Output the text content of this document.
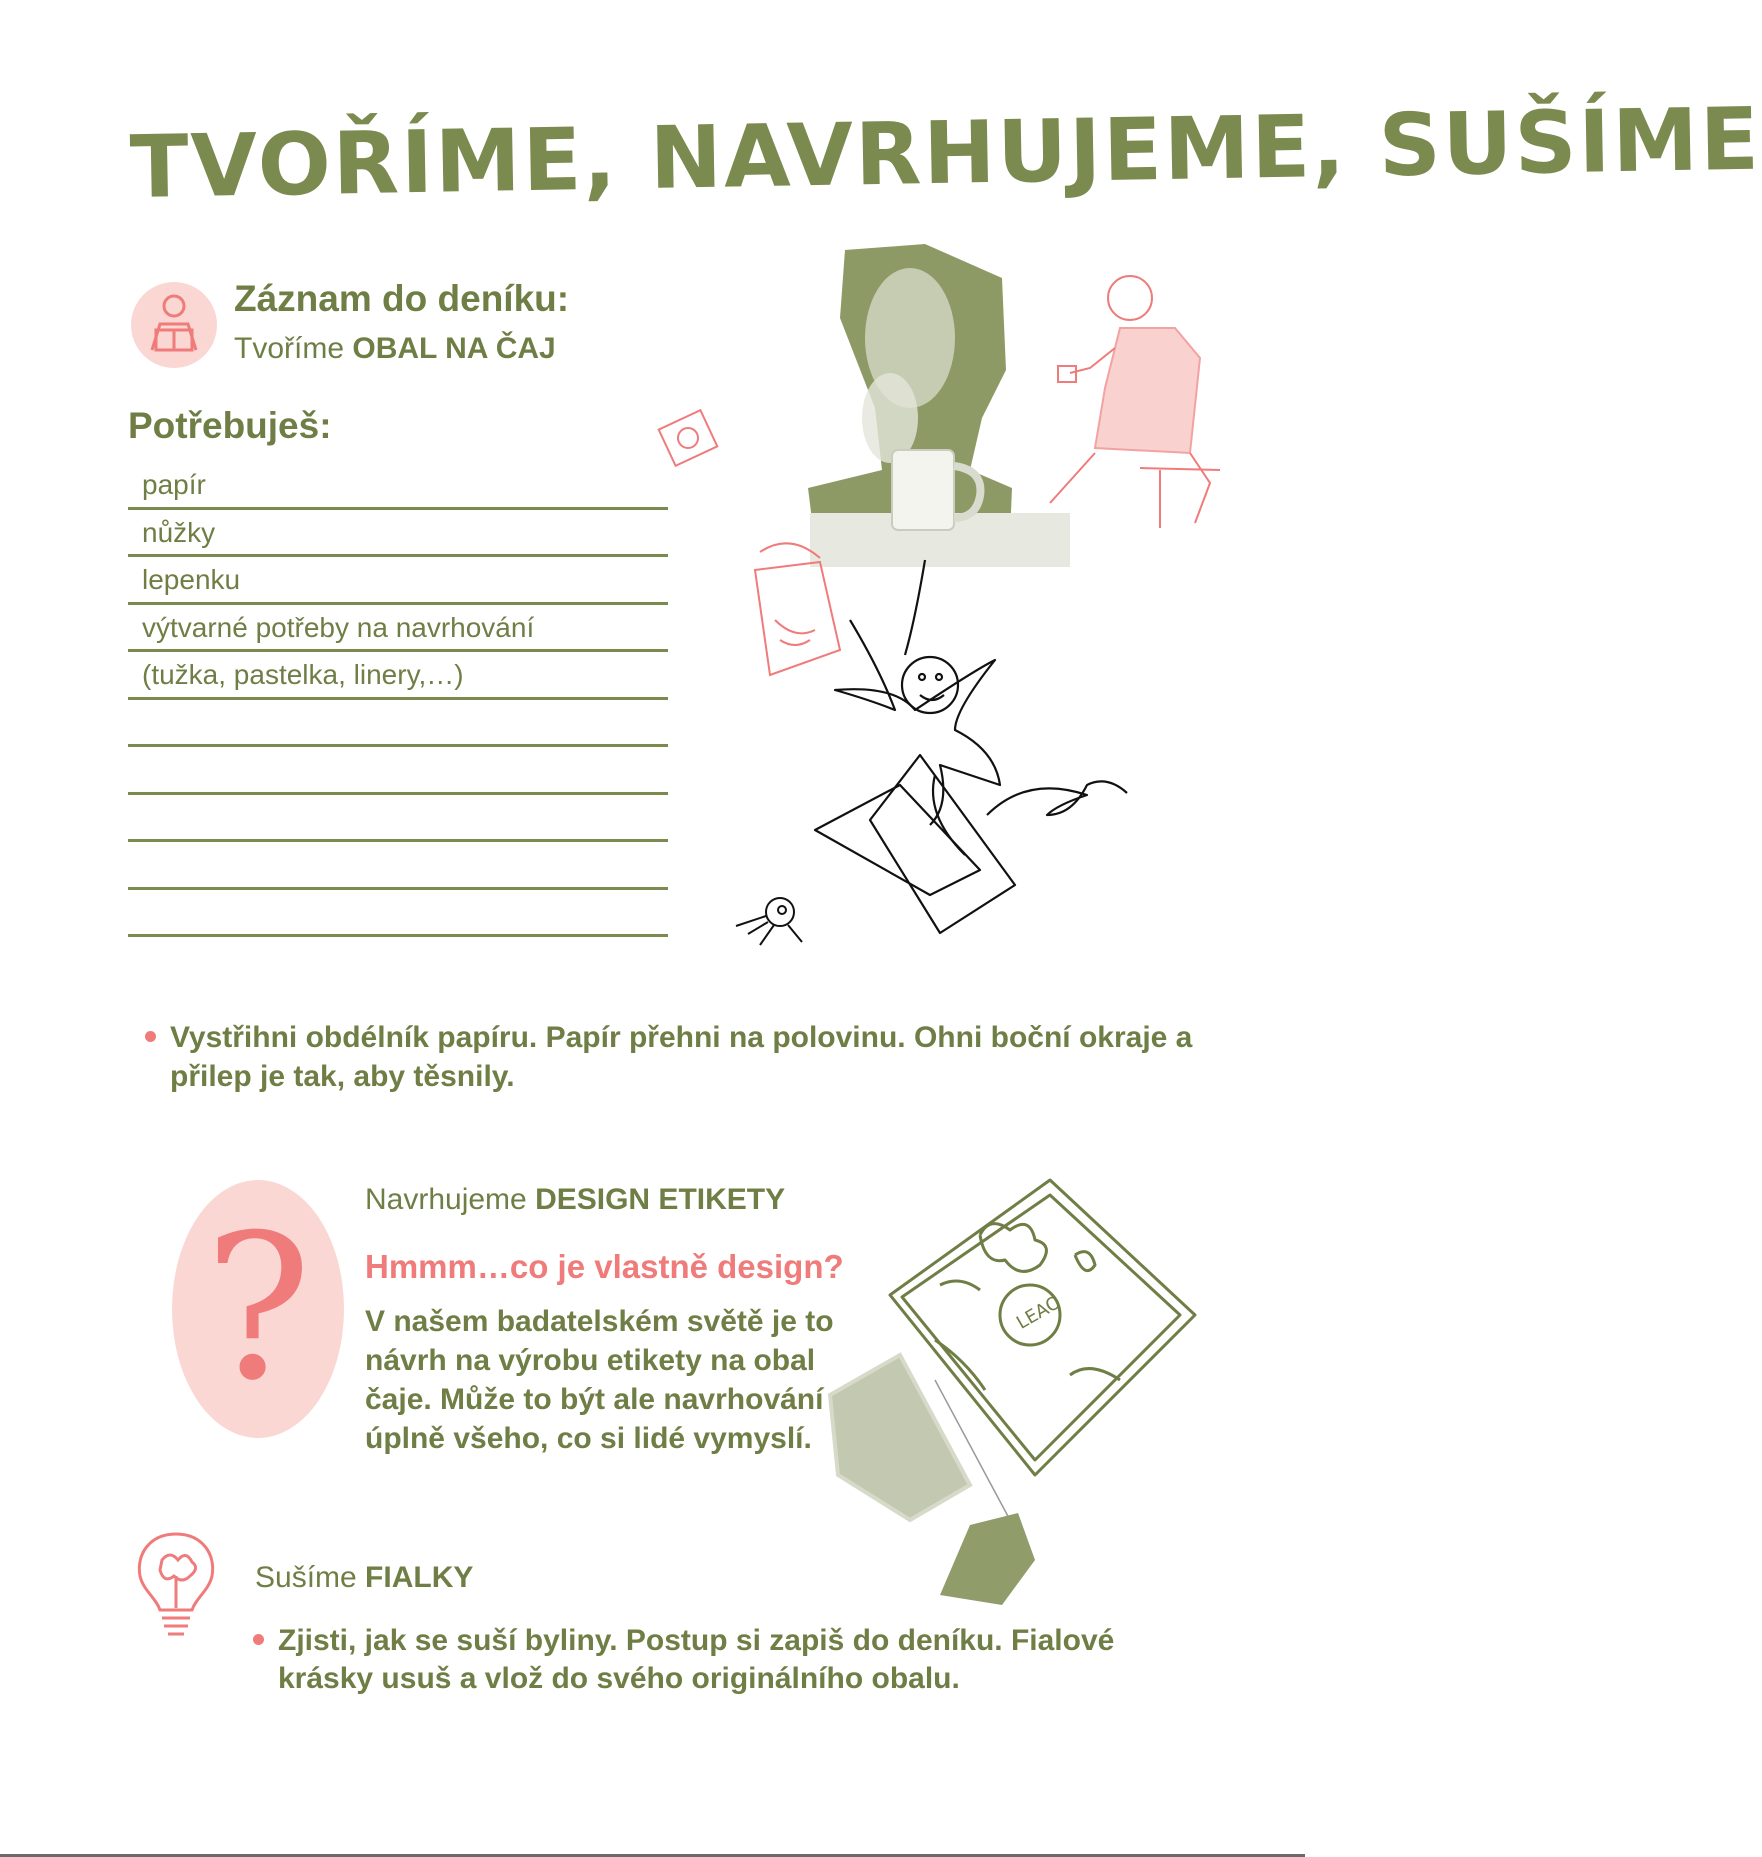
TVOŘÍME, NAVRHUJEME, SUŠÍME
Záznam do deníku:
Tvoříme OBAL NA ČAJ
Potřebuješ:
papír
nůžky
lepenku
výtvarné potřeby na navrhování
(tužka, pastelka, linery,…)
Vystřihni obdélník papíru. Papír přehni na polovinu. Ohni boční okraje a přilep je tak, aby těsnily.
?	Navrhujeme DESIGN ETIKETY
Hmmm…co je vlastně design?
V našem badatelském světě je to návrh na výrobu etikety na obal čaje. Může to být ale navrhování úplně všeho, co si lidé vymyslí.
LEAO
Sušíme FIALKY
Zjisti, jak se suší byliny. Postup si zapiš do deníku. Fialové krásky usuš a vlož do svého originálního obalu.
